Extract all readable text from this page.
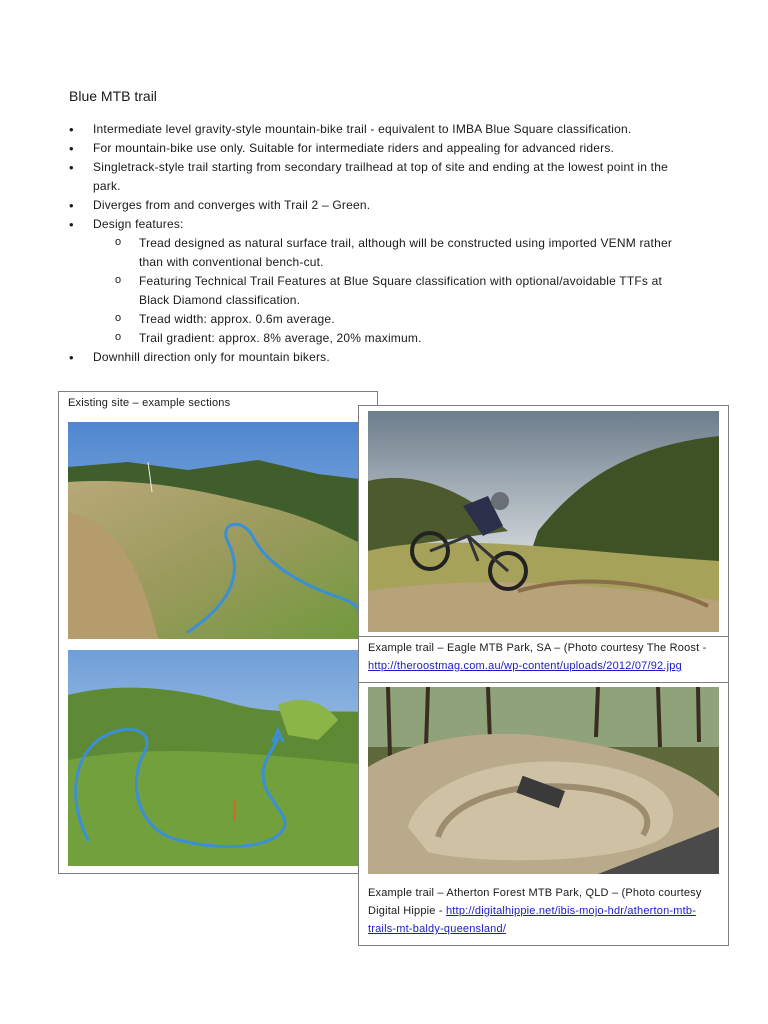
Blue MTB trail
• Intermediate level gravity-style mountain-bike trail - equivalent to IMBA Blue Square classification.
• For mountain-bike use only. Suitable for intermediate riders and appealing for advanced riders.
• Singletrack-style trail starting from secondary trailhead at top of site and ending at the lowest point in the park.
• Diverges from and converges with Trail 2 – Green.
• Design features:
o Tread designed as natural surface trail, although will be constructed using imported VENM rather than with conventional bench-cut.
o Featuring Technical Trail Features at Blue Square classification with optional/avoidable TTFs at Black Diamond classification.
o Tread width: approx. 0.6m average.
o Trail gradient: approx. 8% average, 20% maximum.
• Downhill direction only for mountain bikers.
Existing site – example sections
Example trail – Eagle MTB Park, SA – (Photo courtesy The Roost - http://theroostmag.com.au/wp-content/uploads/2012/07/92.jpg
Example trail – Atherton Forest MTB Park, QLD – (Photo courtesy Digital Hippie - http://digitalhippie.net/ibis-mojo-hdr/atherton-mtb-trails-mt-baldy-queensland/
